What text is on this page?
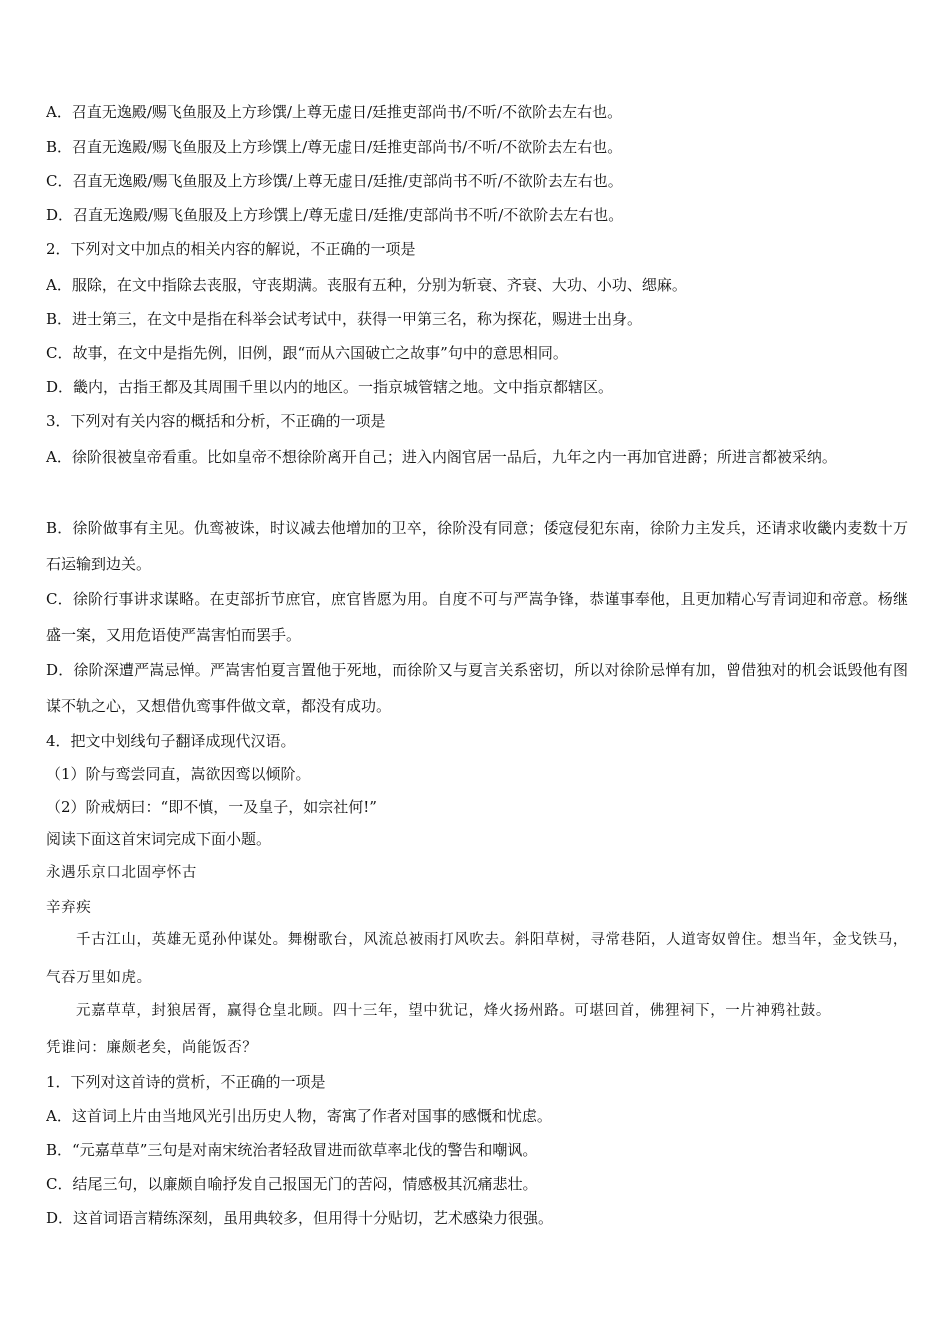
A．召直无逸殿/赐飞鱼服及上方珍馔/上尊无虚日/廷推吏部尚书/不听/不欲阶去左右也。
B．召直无逸殿/赐飞鱼服及上方珍馔上/尊无虚日/廷推吏部尚书/不听/不欲阶去左右也。
C．召直无逸殿/赐飞鱼服及上方珍馔/上尊无虚日/廷推/吏部尚书不听/不欲阶去左右也。
D．召直无逸殿/赐飞鱼服及上方珍馔上/尊无虚日/廷推/吏部尚书不听/不欲阶去左右也。
2．下列对文中加点的相关内容的解说，不正确的一项是
A．服除，在文中指除去丧服，守丧期满。丧服有五种，分别为斩衰、齐衰、大功、小功、缌麻。
B．进士第三，在文中是指在科举会试考试中，获得一甲第三名，称为探花，赐进士出身。
C．故事，在文中是指先例，旧例，跟“而从六国破亡之故事”句中的意思相同。
D．畿内，古指王都及其周围千里以内的地区。一指京城管辖之地。文中指京都辖区。
3．下列对有关内容的概括和分析，不正确的一项是
A．徐阶很被皇帝看重。比如皇帝不想徐阶离开自己；进入内阁官居一品后，九年之内一再加官进爵；所进言都被采纳。
B．徐阶做事有主见。仇鸾被诛，时议减去他增加的卫卒，徐阶没有同意；倭寇侵犯东南，徐阶力主发兵，还请求收畿内麦数十万石运输到边关。
C．徐阶行事讲求谋略。在吏部折节庶官，庶官皆愿为用。自度不可与严嵩争锋，恭谨事奉他，且更加精心写青词迎和帝意。杨继盛一案，又用危语使严嵩害怕而罢手。
D．徐阶深遭严嵩忌惮。严嵩害怕夏言置他于死地，而徐阶又与夏言关系密切，所以对徐阶忌惮有加，曾借独对的机会诋毁他有图谋不轨之心，又想借仇鸾事件做文章，都没有成功。
4．把文中划线句子翻译成现代汉语。
（1）阶与鸾尝同直，嵩欲因鸾以倾阶。
（2）阶戒炳曰：“即不慎，一及皇子，如宗社何!”
阅读下面这首宋词完成下面小题。
永遇乐京口北固亭怀古
辛弃疾
千古江山，英雄无觅孙仲谋处。舞榭歌台，风流总被雨打风吹去。斜阳草树，寻常巷陌，人道寄奴曾住。想当年，金戈铁马，气吞万里如虎。
元嘉草草，封狼居胥，赢得仓皇北顾。四十三年，望中犹记，烽火扬州路。可堪回首，佛狸祠下，一片神鸦社鼓。
凭谁问：廉颇老矣，尚能饭否？
1．下列对这首诗的赏析，不正确的一项是
A．这首词上片由当地风光引出历史人物，寄寓了作者对国事的感慨和忧虑。
B．“元嘉草草”三句是对南宋统治者轻敌冒进而欲草率北伐的警告和嘲讽。
C．结尾三句，以廉颇自喻抒发自己报国无门的苦闷，情感极其沉痛悲壮。
D．这首词语言精练深刻，虽用典较多，但用得十分贴切，艺术感染力很强。
